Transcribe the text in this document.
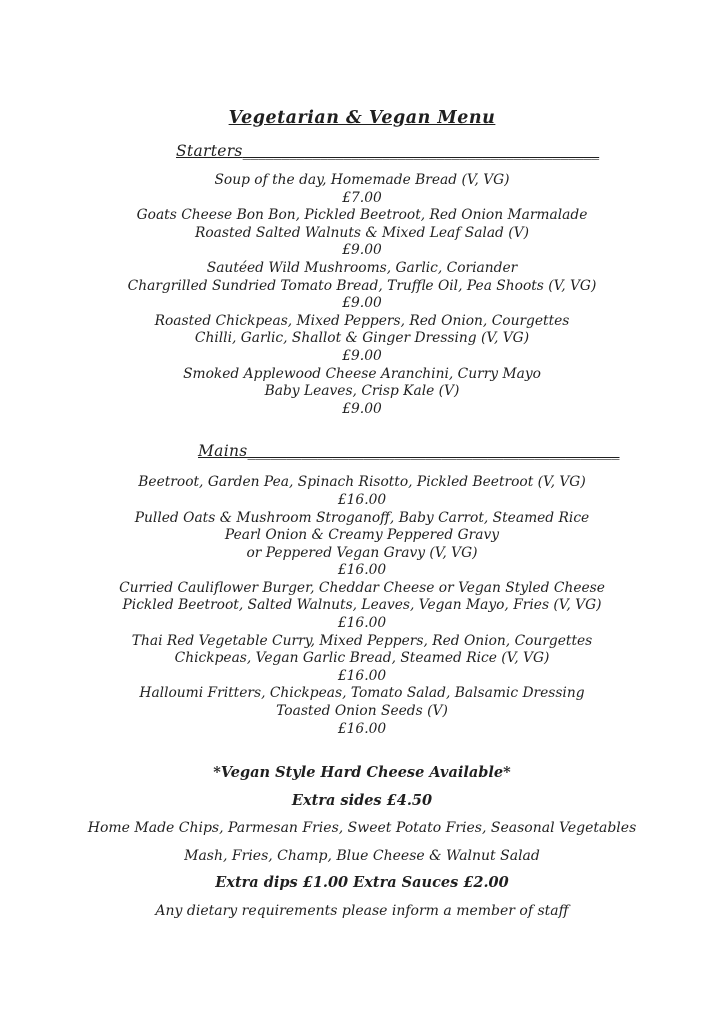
Vegetarian & Vegan Menu
Starters______________________________________________
Soup of the day, Homemade Bread (V, VG)
£7.00
Goats Cheese Bon Bon, Pickled Beetroot, Red Onion Marmalade
Roasted Salted Walnuts & Mixed Leaf Salad (V)
£9.00
Sautéed Wild Mushrooms, Garlic, Coriander
Chargrilled Sundried Tomato Bread, Truffle Oil, Pea Shoots (V, VG)
£9.00
Roasted Chickpeas, Mixed Peppers, Red Onion, Courgettes
Chilli, Garlic, Shallot & Ginger Dressing (V, VG)
£9.00
Smoked Applewood Cheese Aranchini, Curry Mayo
Baby Leaves, Crisp Kale (V)
£9.00
Mains________________________________________________
Beetroot, Garden Pea, Spinach Risotto, Pickled Beetroot (V, VG)
£16.00
Pulled Oats & Mushroom Stroganoff, Baby Carrot, Steamed Rice
Pearl Onion & Creamy Peppered Gravy
or Peppered Vegan Gravy (V, VG)
£16.00
Curried Cauliflower Burger, Cheddar Cheese or Vegan Styled Cheese
Pickled Beetroot, Salted Walnuts, Leaves, Vegan Mayo, Fries (V, VG)
£16.00
Thai Red Vegetable Curry, Mixed Peppers, Red Onion, Courgettes
Chickpeas, Vegan Garlic Bread, Steamed Rice (V, VG)
£16.00
Halloumi Fritters, Chickpeas, Tomato Salad, Balsamic Dressing
Toasted Onion Seeds (V)
£16.00
*Vegan Style Hard Cheese Available*
Extra sides £4.50
Home Made Chips, Parmesan Fries, Sweet Potato Fries, Seasonal Vegetables
Mash, Fries, Champ, Blue Cheese & Walnut Salad
Extra dips £1.00 Extra Sauces £2.00
Any dietary requirements please inform a member of staff
